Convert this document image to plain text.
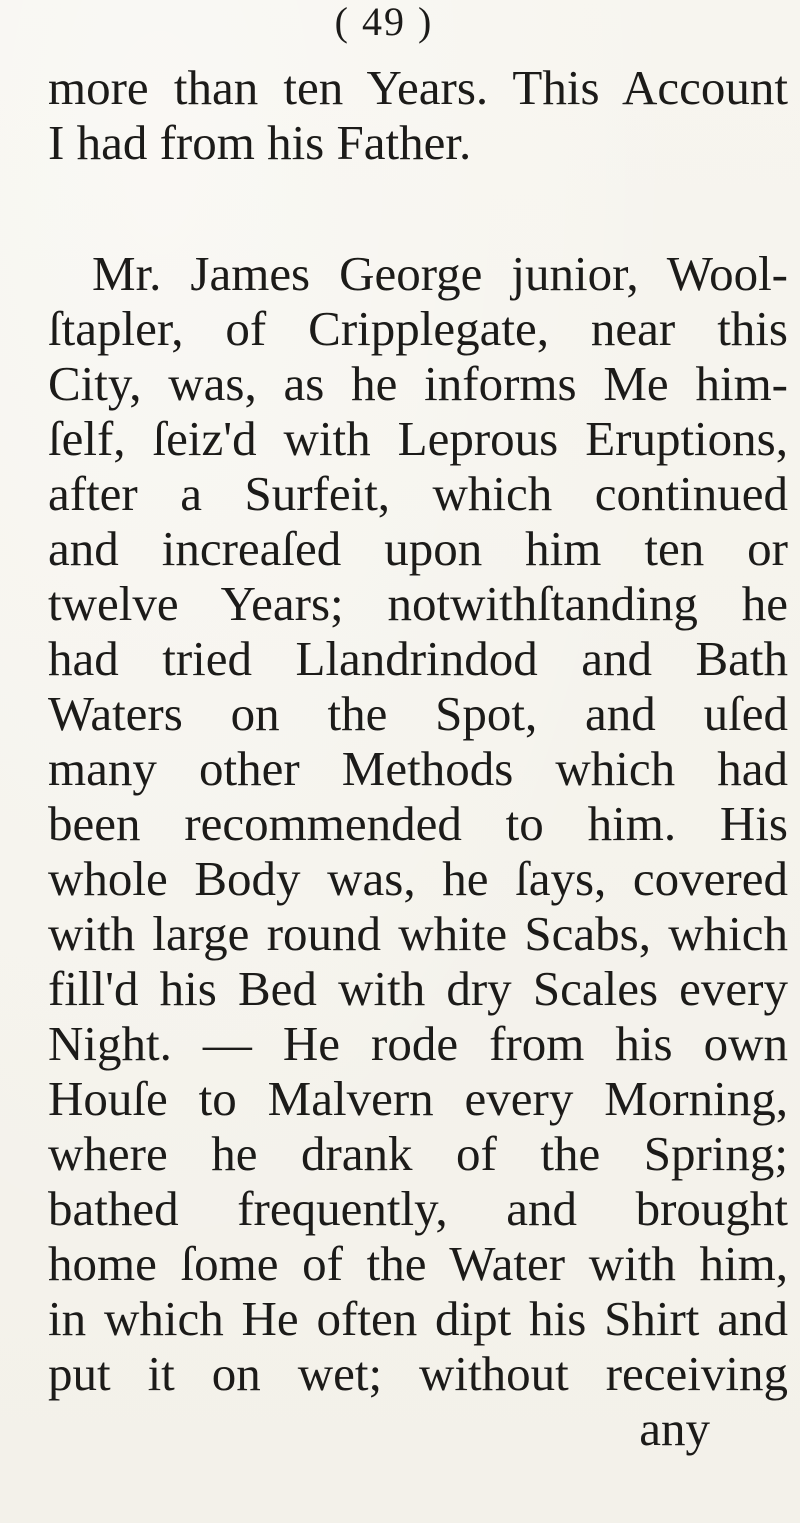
( 49 )
more than ten Years. This Account
I had from his Father.
Mr. James George junior, Wool-
ſtapler, of Cripplegate, near this
City, was, as he informs Me him-
ſelf, ſeiz'd with Leprous Eruptions,
after a Surfeit, which continued
and increaſed upon him ten or
twelve Years; notwithſtanding he
had tried Llandrindod and Bath
Waters on the Spot, and uſed
many other Methods which had
been recommended to him. His
whole Body was, he ſays, covered
with large round white Scabs, which
fill'd his Bed with dry Scales every
Night. — He rode from his own
Houſe to Malvern every Morning,
where he drank of the Spring;
bathed frequently, and brought
home ſome of the Water with him,
in which He often dipt his Shirt and
put it on wet; without receiving
any
